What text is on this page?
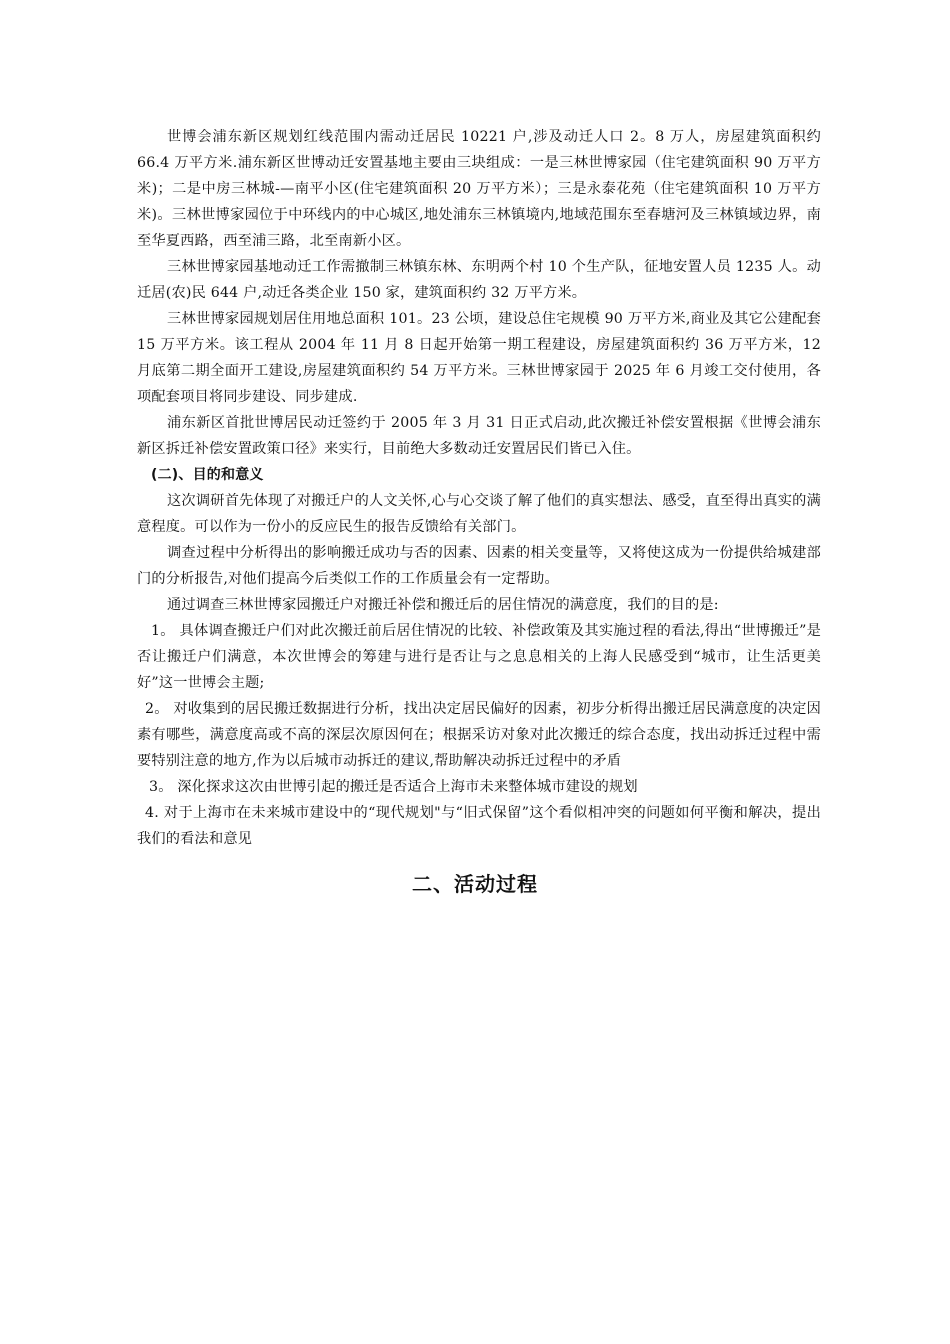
世博会浦东新区规划红线范围内需动迁居民 10221 户,涉及动迁人口 2。8 万人，房屋建筑面积约 66.4 万平方米.浦东新区世博动迁安置基地主要由三块组成：一是三林世博家园（住宅建筑面积 90 万平方米)；二是中房三林城-—南平小区(住宅建筑面积 20 万平方米）；三是永泰花苑（住宅建筑面积 10 万平方米)。三林世博家园位于中环线内的中心城区,地处浦东三林镇境内,地域范围东至春塘河及三林镇域边界，南至华夏西路，西至浦三路，北至南新小区。

三林世博家园基地动迁工作需撤制三林镇东林、东明两个村 10 个生产队，征地安置人员 1235 人。动迁居(农)民 644 户,动迁各类企业 150 家，建筑面积约 32 万平方米。

三林世博家园规划居住用地总面积 101。23 公顷，建设总住宅规模 90 万平方米,商业及其它公建配套 15 万平方米。该工程从 2004 年 11 月 8 日起开始第一期工程建设，房屋建筑面积约 36 万平方米，12 月底第二期全面开工建设,房屋建筑面积约 54 万平方米。三林世博家园于 2025 年 6 月竣工交付使用，各项配套项目将同步建设、同步建成.

浦东新区首批世博居民动迁签约于 2005 年 3 月 31 日正式启动,此次搬迁补偿安置根据《世博会浦东新区拆迁补偿安置政策口径》来实行，目前绝大多数动迁安置居民们皆已入住。

(二)、目的和意义

这次调研首先体现了对搬迁户的人文关怀,心与心交谈了解了他们的真实想法、感受，直至得出真实的满意程度。可以作为一份小的反应民生的报告反馈给有关部门。

调查过程中分析得出的影响搬迁成功与否的因素、因素的相关变量等，又将使这成为一份提供给城建部门的分析报告,对他们提高今后类似工作的工作质量会有一定帮助。

通过调查三林世博家园搬迁户对搬迁补偿和搬迁后的居住情况的满意度，我们的目的是:

1。 具体调查搬迁户们对此次搬迁前后居住情况的比较、补偿政策及其实施过程的看法,得出“世博搬迁”是否让搬迁户们满意，本次世博会的筹建与进行是否让与之息息相关的上海人民感受到“城市，让生活更美好”这一世博会主题;

2。 对收集到的居民搬迁数据进行分析，找出决定居民偏好的因素，初步分析得出搬迁居民满意度的决定因素有哪些，满意度高或不高的深层次原因何在；根据采访对象对此次搬迁的综合态度，找出动拆迁过程中需要特别注意的地方,作为以后城市动拆迁的建议,帮助解决动拆迁过程中的矛盾

3。 深化探求这次由世博引起的搬迁是否适合上海市未来整体城市建设的规划

4. 对于上海市在未来城市建设中的“现代规划"与“旧式保留”这个看似相冲突的问题如何平衡和解决，提出我们的看法和意见

二、活动过程
